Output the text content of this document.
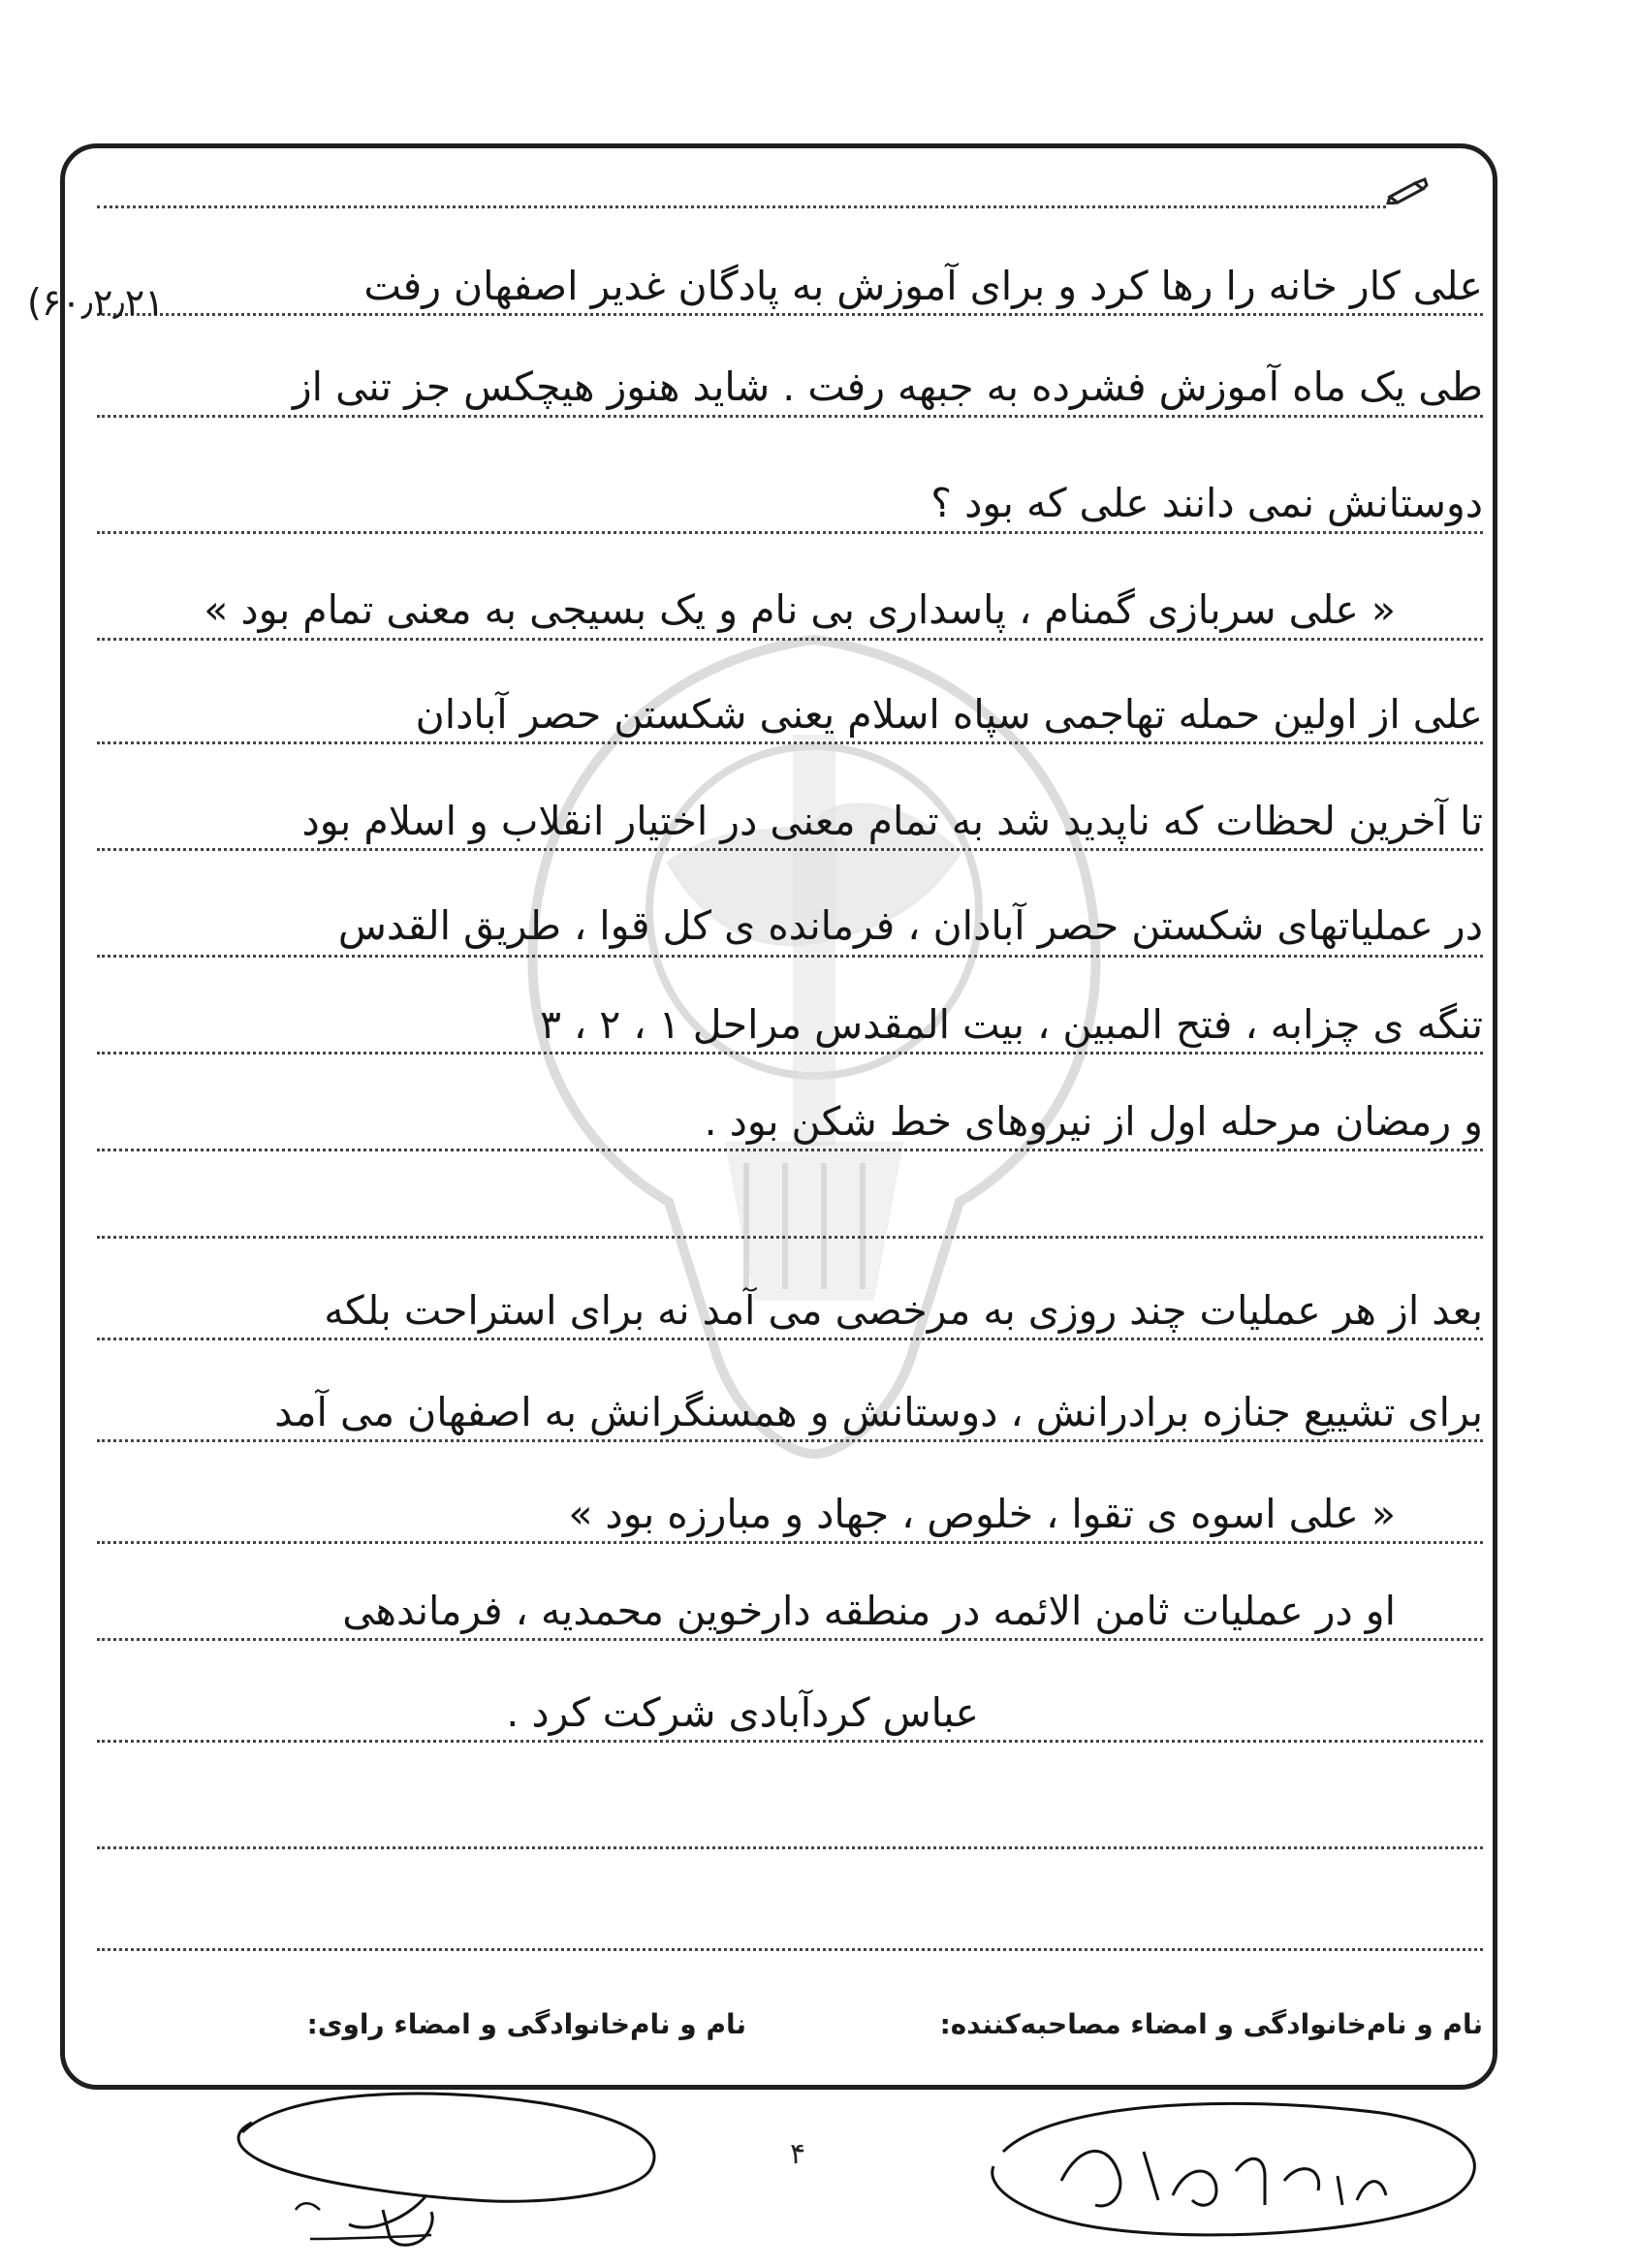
علی کار خانه را رها کرد و برای آموزش به پادگان غدیر اصفهان رفت
(۶۰٫۲٫۲۱
طی یک ماه آموزش فشرده به جبهه رفت . شاید هنوز هیچکس جز تنی از
دوستانش نمی دانند علی که بود ؟
« علی سربازی گمنام ، پاسداری بی نام و یک بسیجی به معنی تمام بود »
علی از اولین حمله تهاجمی سپاه اسلام یعنی شکستن حصر آبادان
تا آخرین لحظات که ناپدید شد به تمام معنی در اختیار انقلاب و اسلام بود
در عملیاتهای شکستن حصر آبادان ، فرمانده ی کل قوا ، طریق القدس
تنگه ی چزابه ، فتح المبین ، بیت المقدس مراحل ۱ ، ۲ ، ۳
و رمضان مرحله اول از نیروهای خط شکن بود .
بعد از هر عملیات چند روزی به مرخصی می آمد نه برای استراحت بلکه
برای تشییع جنازه برادرانش ، دوستانش و همسنگرانش به اصفهان می آمد
« علی اسوه ی تقوا ، خلوص ، جهاد و مبارزه بود »
او در عملیات ثامن الائمه در منطقه دارخوین محمدیه ، فرماندهی
عباس کردآبادی شرکت کرد .
نام و نام‌خانوادگی و امضاء مصاحبه‌کننده:
نام و نام‌خانوادگی و امضاء راوی:
۴
